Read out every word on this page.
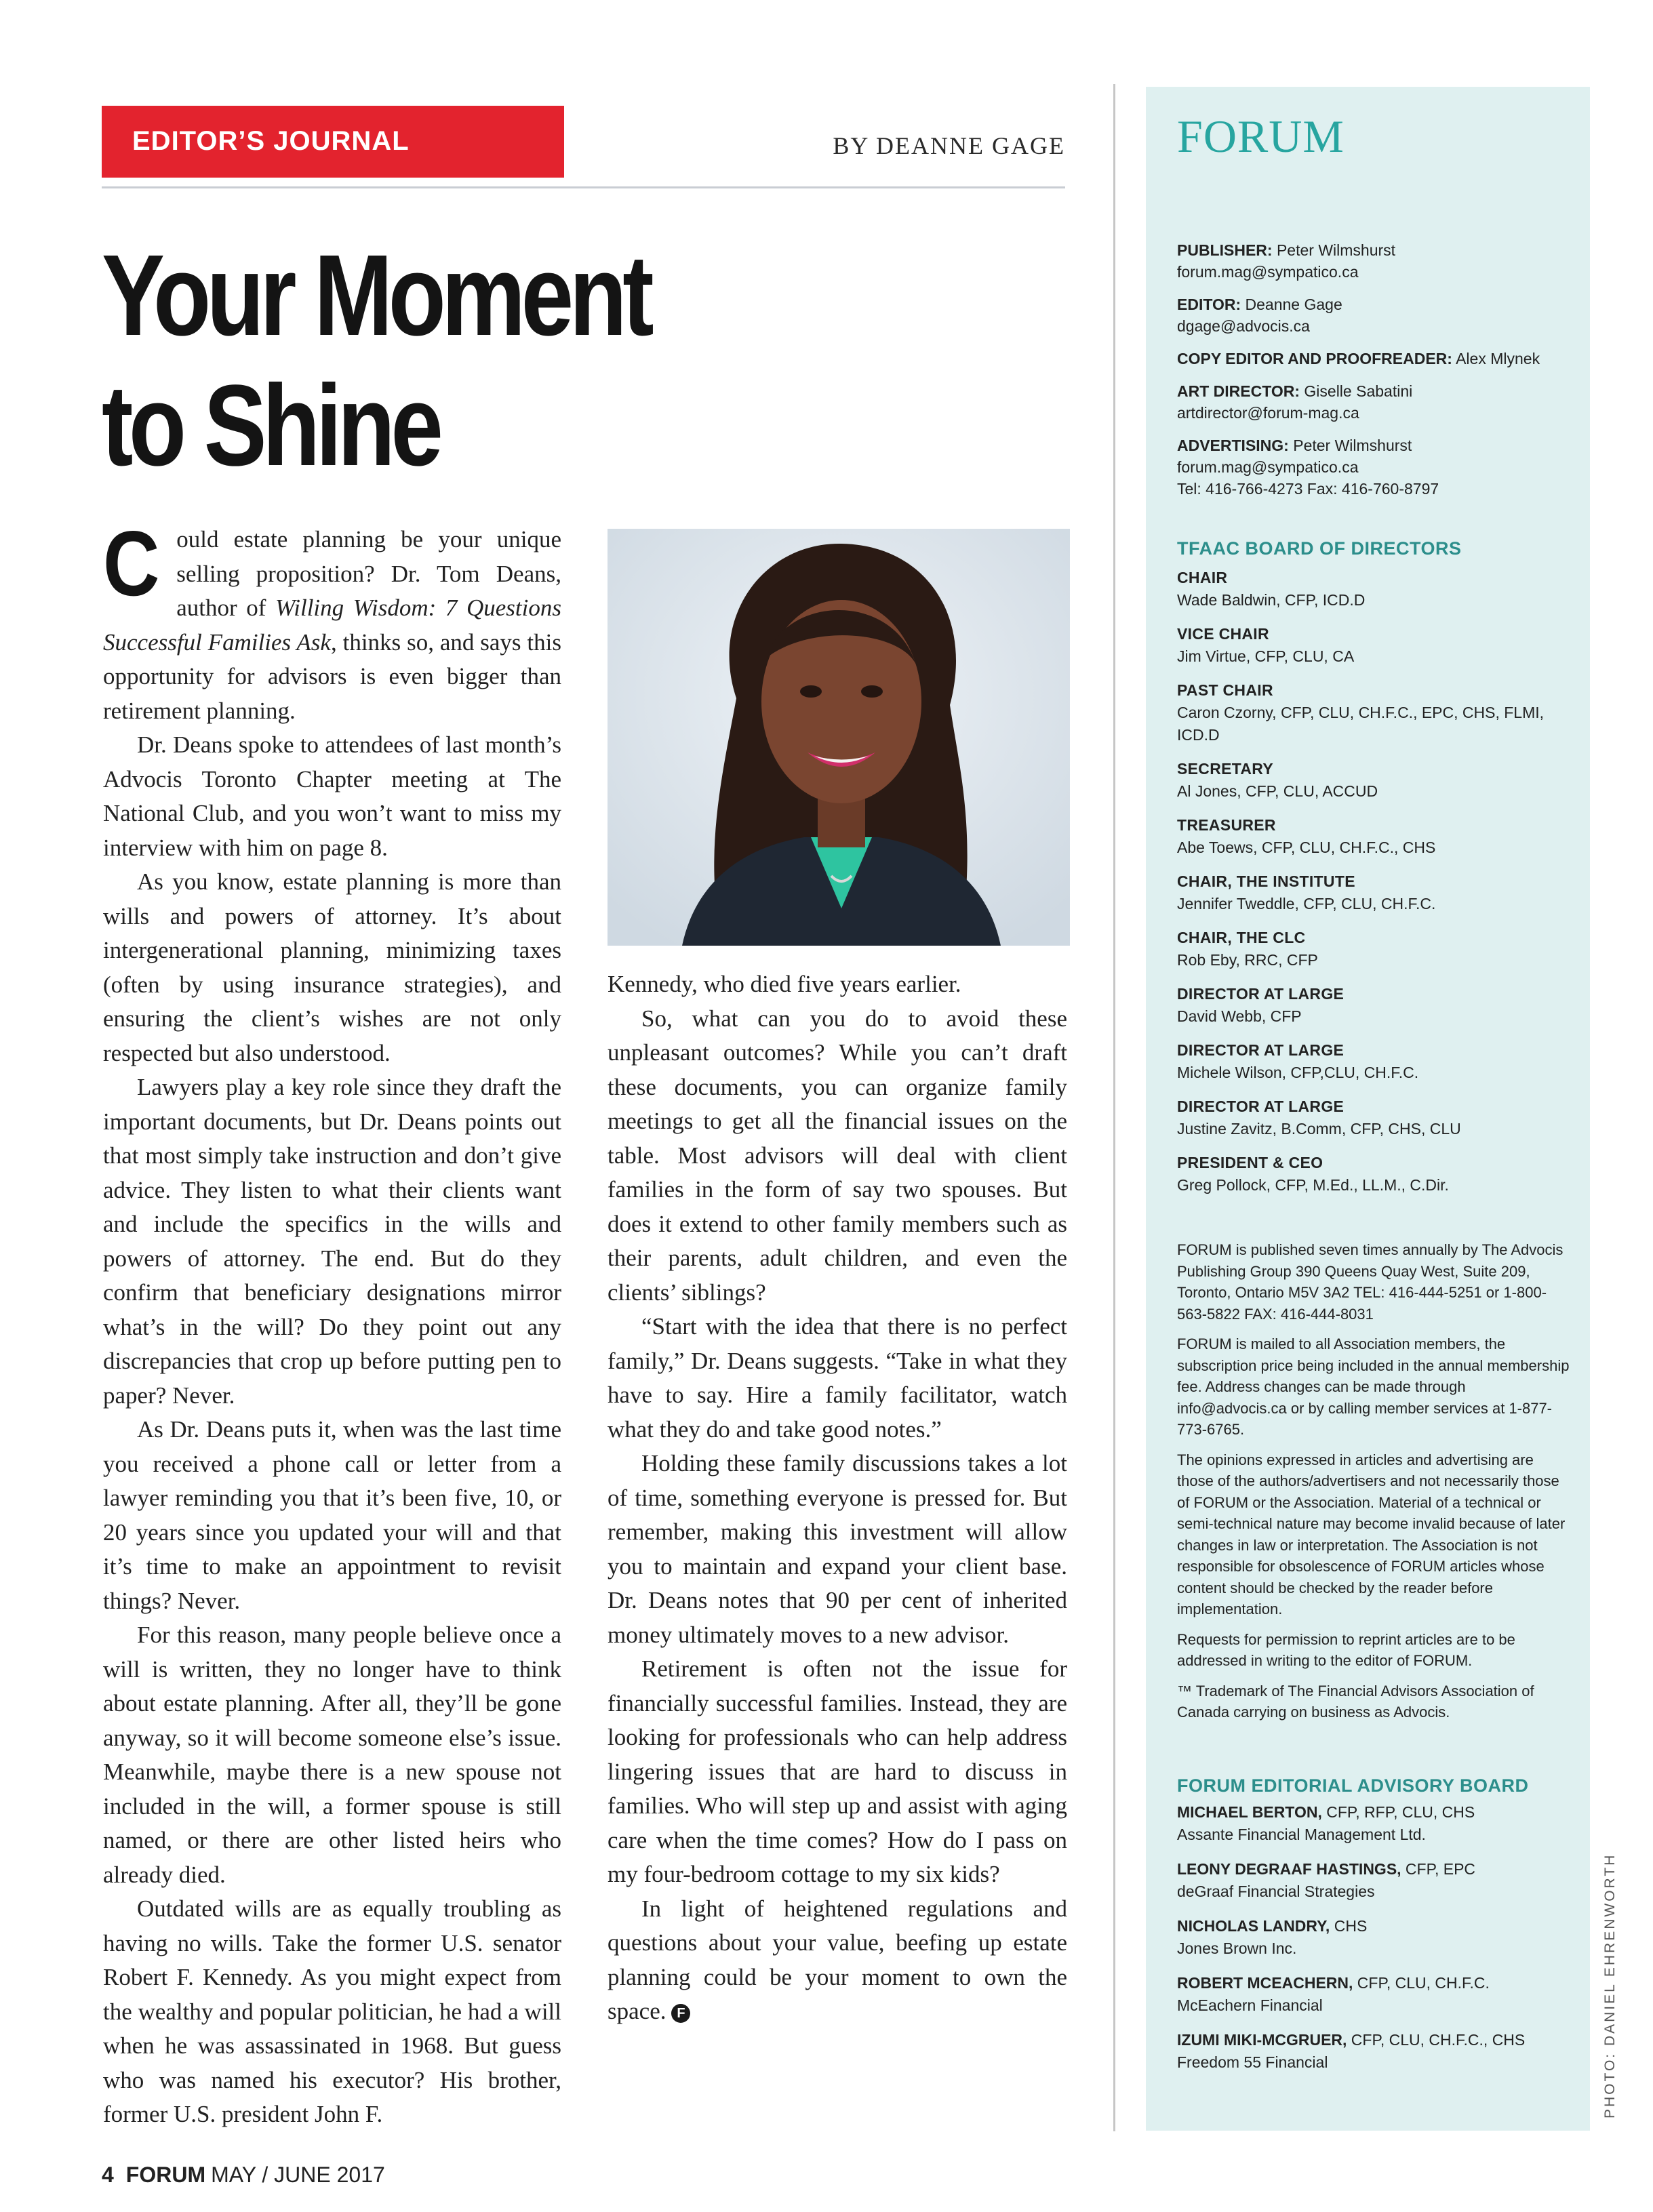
EDITOR’S JOURNAL	BY DEANNE GAGE
Your Moment
to Shine

Could estate planning be your unique selling proposition? Dr. Tom Deans, author of Willing Wisdom: 7 Questions Successful Families Ask, thinks so, and says this opportunity for advisors is even bigger than retirement planning.

Dr. Deans spoke to attendees of last month’s Advocis Toronto Chapter meeting at The National Club, and you won’t want to miss my interview with him on page 8.

As you know, estate planning is more than wills and powers of attorney. It’s about intergenerational planning, minimizing taxes (often by using insurance strategies), and ensuring the client’s wishes are not only respected but also understood.

Lawyers play a key role since they draft the important documents, but Dr. Deans points out that most simply take instruction and don’t give advice. They listen to what their clients want and include the specifics in the wills and powers of attorney. The end. But do they confirm that beneficiary designations mirror what’s in the will? Do they point out any discrepancies that crop up before putting pen to paper? Never.

As Dr. Deans puts it, when was the last time you received a phone call or letter from a lawyer reminding you that it’s been five, 10, or 20 years since you updated your will and that it’s time to make an appointment to revisit things? Never.

For this reason, many people believe once a will is written, they no longer have to think about estate planning. After all, they’ll be gone anyway, so it will become someone else’s issue. Meanwhile, maybe there is a new spouse not included in the will, a former spouse is still named, or there are other listed heirs who already died.

Outdated wills are as equally troubling as having no wills. Take the former U.S. senator Robert F. Kennedy. As you might expect from the wealthy and popular politician, he had a will when he was assassinated in 1968. But guess who was named his executor? His brother, former U.S. president John F.

Kennedy, who died five years earlier.

So, what can you do to avoid these unpleasant outcomes? While you can’t draft these documents, you can organize family meetings to get all the financial issues on the table. Most advisors will deal with client families in the form of say two spouses. But does it extend to other family members such as their parents, adult children, and even the clients’ siblings?

“Start with the idea that there is no perfect family,” Dr. Deans suggests. “Take in what they have to say. Hire a family facilitator, watch what they do and take good notes.”

Holding these family discussions takes a lot of time, something everyone is pressed for. But remember, making this investment will allow you to maintain and expand your client base. Dr. Deans notes that 90 per cent of inherited money ultimately moves to a new advisor.

Retirement is often not the issue for financially successful families. Instead, they are looking for professionals who can help address lingering issues that are hard to discuss in families. Who will step up and assist with aging care when the time comes? How do I pass on my four-bedroom cottage to my six kids?

In light of heightened regulations and questions about your value, beefing up estate planning could be your moment to own the space. F

FORUM
PUBLISHER: Peter Wilmshurst
forum.mag@sympatico.ca
EDITOR: Deanne Gage
dgage@advocis.ca
COPY EDITOR AND PROOFREADER: Alex Mlynek
ART DIRECTOR: Giselle Sabatini
artdirector@forum-mag.ca
ADVERTISING: Peter Wilmshurst
forum.mag@sympatico.ca
Tel: 416-766-4273 Fax: 416-760-8797
TFAAC BOARD OF DIRECTORS
CHAIR
Wade Baldwin, CFP, ICD.D
VICE CHAIR
Jim Virtue, CFP, CLU, CA
PAST CHAIR
Caron Czorny, CFP, CLU, CH.F.C., EPC, CHS, FLMI, ICD.D
SECRETARY
Al Jones, CFP, CLU, ACCUD
TREASURER
Abe Toews, CFP, CLU, CH.F.C., CHS
CHAIR, THE INSTITUTE
Jennifer Tweddle, CFP, CLU, CH.F.C.
CHAIR, THE CLC
Rob Eby, RRC, CFP
DIRECTOR AT LARGE
David Webb, CFP
DIRECTOR AT LARGE
Michele Wilson, CFP,CLU, CH.F.C.
DIRECTOR AT LARGE
Justine Zavitz, B.Comm, CFP, CHS, CLU
PRESIDENT & CEO
Greg Pollock, CFP, M.Ed., LL.M., C.Dir.

FORUM is published seven times annually by The Advocis Publishing Group 390 Queens Quay West, Suite 209, Toronto, Ontario M5V 3A2 TEL: 416-444-5251 or 1-800-563-5822 FAX: 416-444-8031

FORUM is mailed to all Association members, the subscription price being included in the annual membership fee. Address changes can be made through info@advocis.ca or by calling member services at 1-877-773-6765.

The opinions expressed in articles and advertising are those of the authors/advertisers and not necessarily those of FORUM or the Association. Material of a technical or semi-technical nature may become invalid because of later changes in law or interpretation. The Association is not responsible for obsolescence of FORUM articles whose content should be checked by the reader before implementation.

Requests for permission to reprint articles are to be addressed in writing to the editor of FORUM.

™ Trademark of The Financial Advisors Association of Canada carrying on business as Advocis.

FORUM EDITORIAL ADVISORY BOARD
MICHAEL BERTON, CFP, RFP, CLU, CHS
Assante Financial Management Ltd.
LEONY DEGRAAF HASTINGS, CFP, EPC
deGraaf Financial Strategies
NICHOLAS LANDRY, CHS
Jones Brown Inc.
ROBERT MCEACHERN, CFP, CLU, CH.F.C.
McEachern Financial
IZUMI MIKI-MCGRUER, CFP, CLU, CH.F.C., CHS
Freedom 55 Financial	PHOTO: DANIEL EHRENWORTH
4 FORUM MAY / JUNE 2017
